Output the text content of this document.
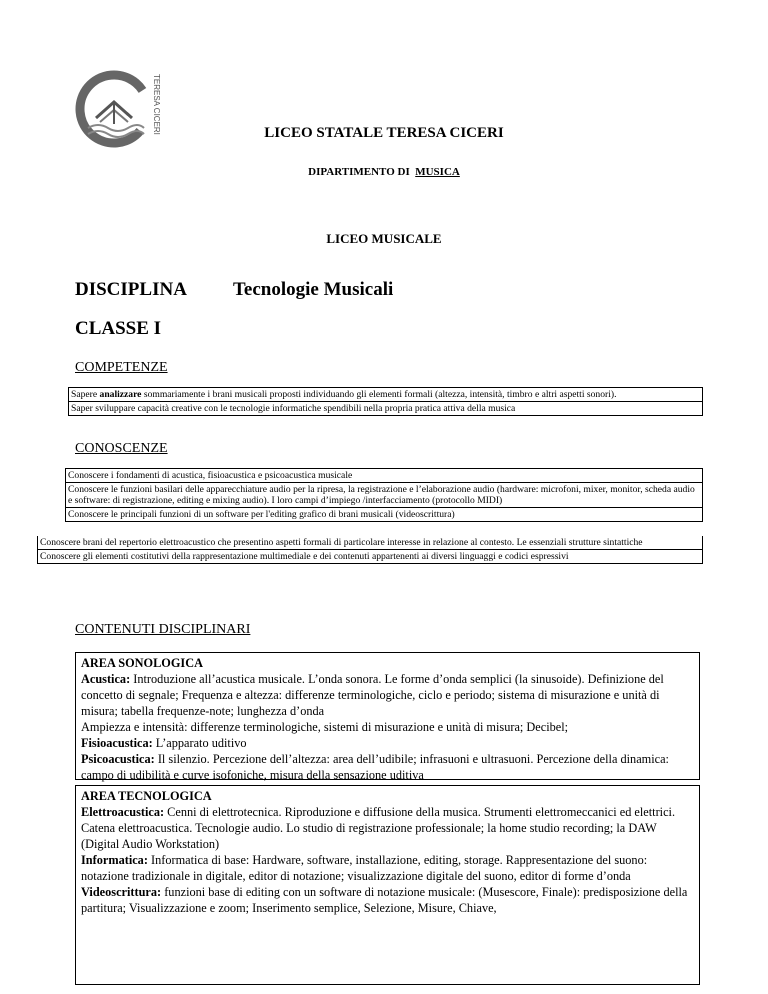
TERESA CICERI	LICEO STATALE TERESA CICERI
DIPARTIMENTO DI MUSICA
LICEO MUSICALE
DISCIPLINA Tecnologie Musicali
CLASSE I
COMPETENZE
Sapere analizzare sommariamente i brani musicali proposti individuando gli elementi formali (altezza, intensità, timbro e altri aspetti sonori).
Saper sviluppare capacità creative con le tecnologie informatiche spendibili nella propria pratica attiva della musica
CONOSCENZE
Conoscere i fondamenti di acustica, fisioacustica e psicoacustica musicale
Conoscere le funzioni basilari delle apparecchiature audio per la ripresa, la registrazione e l’elaborazione audio (hardware: microfoni, mixer, monitor, scheda audio e software: di registrazione, editing e mixing audio). I loro campi d’impiego /interfacciamento (protocollo MIDI)
Conoscere le principali funzioni di un software per l'editing grafico di brani musicali (videoscrittura)
Conoscere brani del repertorio elettroacustico che presentino aspetti formali di particolare interesse in relazione al contesto. Le essenziali strutture sintattiche
Conoscere gli elementi costitutivi della rappresentazione multimediale e dei contenuti appartenenti ai diversi linguaggi e codici espressivi
CONTENUTI DISCIPLINARI
AREA SONOLOGICA
Acustica: Introduzione all’acustica musicale. L’onda sonora. Le forme d’onda semplici (la sinusoide). Definizione del concetto di segnale; Frequenza e altezza: differenze terminologiche, ciclo e periodo; sistema di misurazione e unità di misura; tabella frequenze-note; lunghezza d’onda
Ampiezza e intensità: differenze terminologiche, sistemi di misurazione e unità di misura; Decibel;
Fisioacustica: L’apparato uditivo
Psicoacustica: Il silenzio. Percezione dell’altezza: area dell’udibile; infrasuoni e ultrasuoni. Percezione della dinamica: campo di udibilità e curve isofoniche, misura della sensazione uditiva
AREA TECNOLOGICA
Elettroacustica: Cenni di elettrotecnica. Riproduzione e diffusione della musica. Strumenti elettromeccanici ed elettrici. Catena elettroacustica. Tecnologie audio. Lo studio di registrazione professionale; la home studio recording; la DAW (Digital Audio Workstation)
Informatica: Informatica di base: Hardware, software, installazione, editing, storage. Rappresentazione del suono: notazione tradizionale in digitale, editor di notazione; visualizzazione digitale del suono, editor di forme d’onda
Videoscrittura: funzioni base di editing con un software di notazione musicale: (Musescore, Finale): predisposizione della partitura; Visualizzazione e zoom; Inserimento semplice, Selezione, Misure, Chiave,
